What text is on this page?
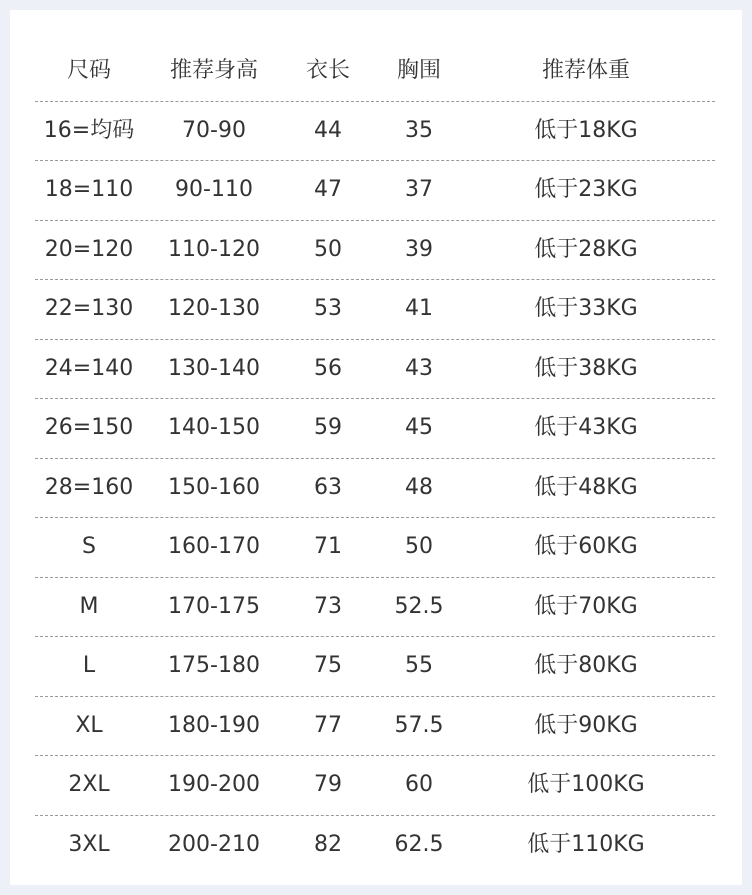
尺码	推荐身高	衣长	胸围	推荐体重
16=均码	70-90	44	35	低于18KG
18=110	90-110	47	37	低于23KG
20=120	110-120	50	39	低于28KG
22=130	120-130	53	41	低于33KG
24=140	130-140	56	43	低于38KG
26=150	140-150	59	45	低于43KG
28=160	150-160	63	48	低于48KG
S	160-170	71	50	低于60KG
M	170-175	73	52.5	低于70KG
L	175-180	75	55	低于80KG
XL	180-190	77	57.5	低于90KG
2XL	190-200	79	60	低于100KG
3XL	200-210	82	62.5	低于110KG
